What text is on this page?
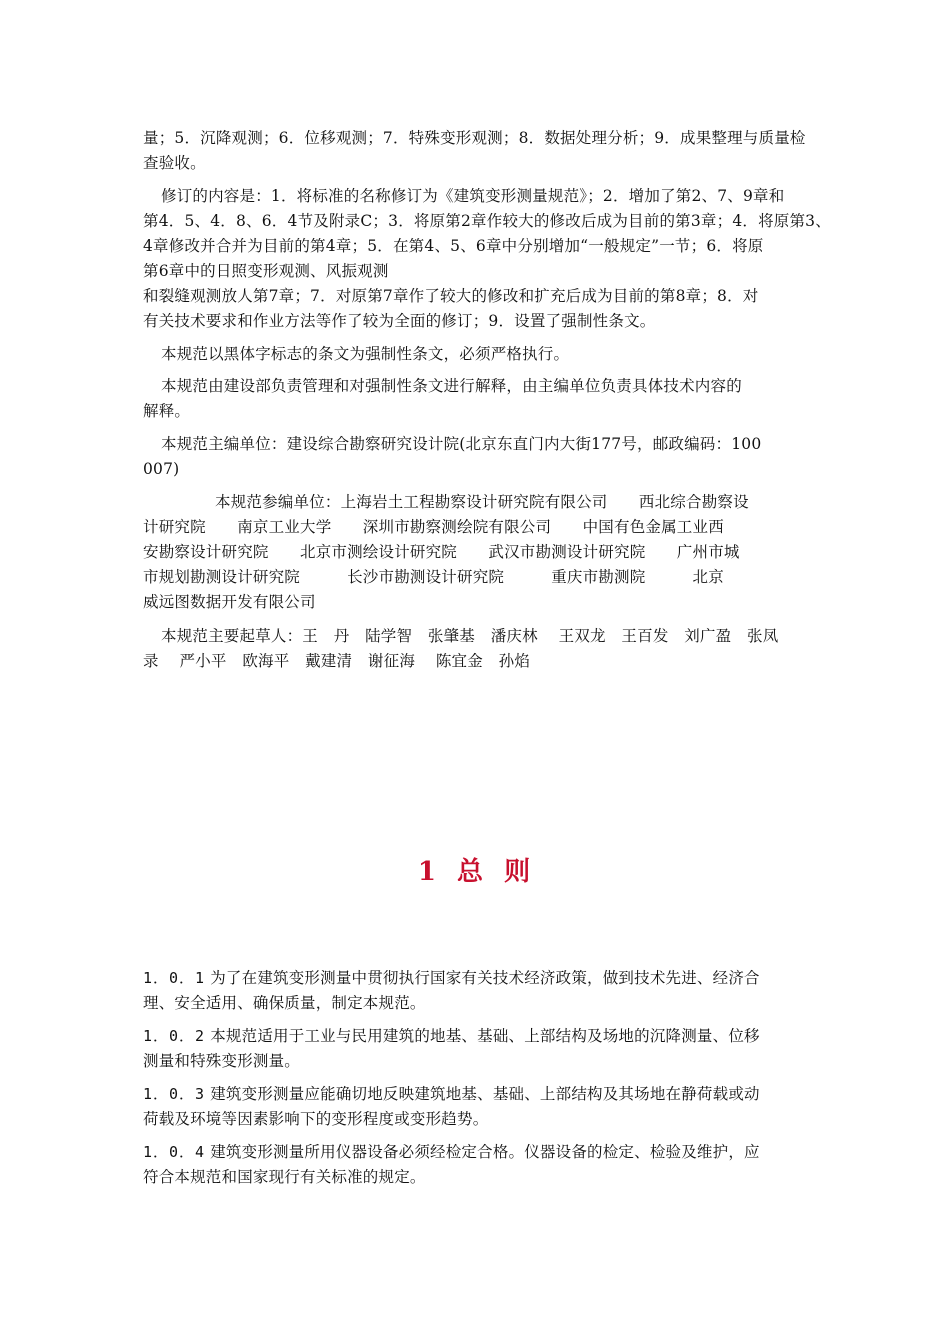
量；5．沉降观测；6．位移观测；7．特殊变形观测；8．数据处理分析；9．成果整理与质量检
查验收。
修订的内容是：1．将标准的名称修订为《建筑变形测量规范》；2．增加了第2、7、9章和
第4．5、4．8、6．4节及附录C；3．将原第2章作较大的修改后成为目前的第3章；4．将原第3、
4章修改并合并为目前的第4章；5．在第4、5、6章中分别增加“一般规定”一节；6．将原
第6章中的日照变形观测、风振观测
和裂缝观测放人第7章；7．对原第7章作了较大的修改和扩充后成为目前的第8章；8．对
有关技术要求和作业方法等作了较为全面的修订；9．设置了强制性条文。
本规范以黑体字标志的条文为强制性条文，必须严格执行。
本规范由建设部负责管理和对强制性条文进行解释，由主编单位负责具体技术内容的
解释。
本规范主编单位：建设综合勘察研究设计院(北京东直门内大街177号，邮政编码：100
007)
本规范参编单位：上海岩土工程勘察设计研究院有限公司　　西北综合勘察设
计研究院　　南京工业大学　　深圳市勘察测绘院有限公司　　中国有色金属工业西
安勘察设计研究院　　北京市测绘设计研究院　　武汉市勘测设计研究院　　广州市城
市规划勘测设计研究院　　　长沙市勘测设计研究院　　　重庆市勘测院　　　北京
威远图数据开发有限公司
本规范主要起草人：王　丹　陆学智　张肇基　潘庆林　 王双龙　王百发　刘广盈　张凤
录　 严小平　欧海平　戴建清　谢征海　 陈宜金　孙焰
1 总 则
1．0．1 为了在建筑变形测量中贯彻执行国家有关技术经济政策，做到技术先进、经济合
理、安全适用、确保质量，制定本规范。
1．0．2 本规范适用于工业与民用建筑的地基、基础、上部结构及场地的沉降测量、位移
测量和特殊变形测量。
1．0．3 建筑变形测量应能确切地反映建筑地基、基础、上部结构及其场地在静荷载或动
荷载及环境等因素影响下的变形程度或变形趋势。
1．0．4 建筑变形测量所用仪器设备必须经检定合格。仪器设备的检定、检验及维护，应
符合本规范和国家现行有关标准的规定。
